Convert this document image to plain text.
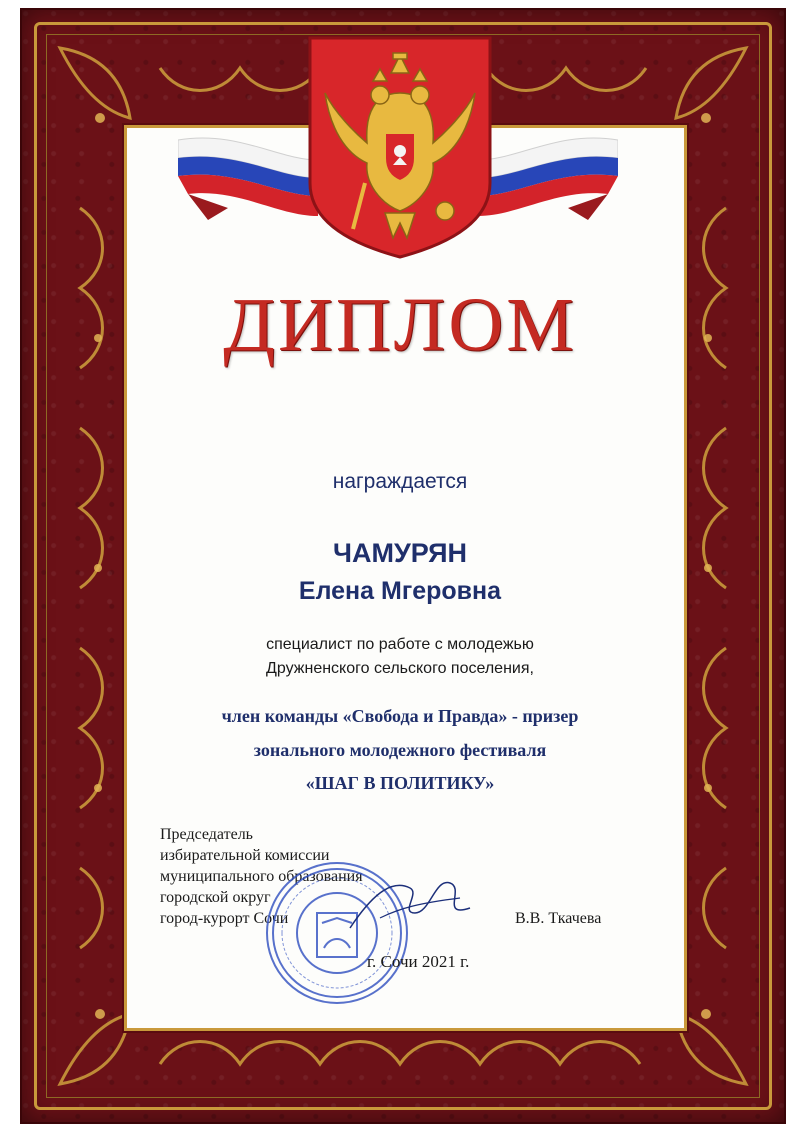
ДИПЛОМ
награждается
ЧАМУРЯН
Елена Мгеровна
специалист по работе с молодежью
Дружненского сельского поселения,
член команды «Свобода и Правда» - призер
зонального молодежного фестиваля
«ШАГ В ПОЛИТИКУ»
Председатель
избирательной комиссии
муниципального образования
городской округ
город-курорт Сочи	В.В. Ткачева
г. Сочи 2021 г.
